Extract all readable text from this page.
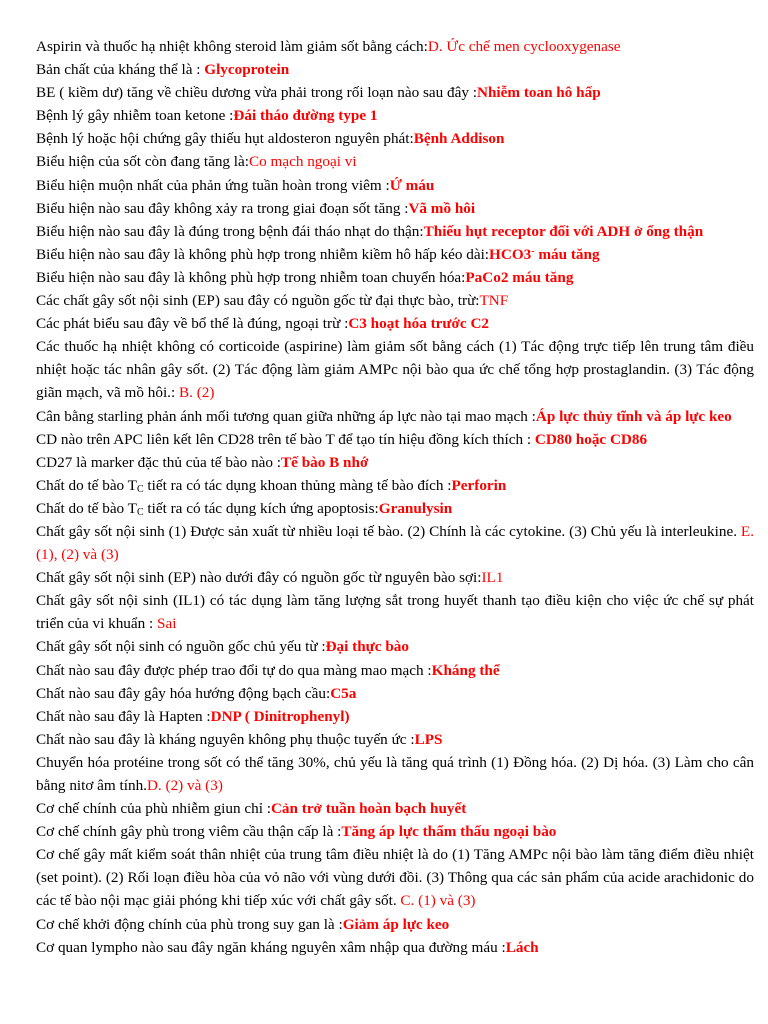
Aspirin và thuốc hạ nhiệt không steroid làm giảm sốt bằng cách:D. Ức chế men cyclooxygenase

Bản chất của kháng thể là : Glycoprotein

BE ( kiềm dư) tăng về chiều dương vừa phải trong rối loạn nào sau đây :Nhiễm toan hô hấp

Bệnh lý gây nhiễm toan ketone :Đái tháo đường type 1

Bệnh lý hoặc hội chứng gây thiếu hụt aldosteron nguyên phát:Bệnh Addison

Biểu hiện của sốt còn đang tăng là:Co mạch ngoại vi

Biểu hiện muộn nhất của phản ứng tuần hoàn trong viêm :Ứ máu

Biểu hiện nào sau đây không xảy ra trong giai đoạn sốt tăng :Vã mồ hôi

Biểu hiện nào sau đây là đúng trong bệnh đái tháo nhạt do thận:Thiếu hụt receptor đối với ADH ở ống thận

Biểu hiện nào sau đây là không phù hợp trong nhiễm kiềm hô hấp kéo dài:HCO3- máu tăng

Biểu hiện nào sau đây là không phù hợp trong nhiễm toan chuyển hóa:PaCo2 máu tăng

Các chất gây sốt nội sinh (EP) sau đây có nguồn gốc từ đại thực bào, trừ:TNF

Các phát biểu sau đây về bổ thể là đúng, ngoại trừ :C3 hoạt hóa trước C2

Các thuốc hạ nhiệt không có corticoide (aspirine) làm giảm sốt bằng cách (1) Tác động trực tiếp lên trung tâm điều nhiệt hoặc tác nhân gây sốt. (2) Tác động làm giảm AMPc nội bào qua ức chế tổng hợp prostaglandin. (3) Tác động giãn mạch, vã mồ hôi.: B. (2)

Cân bằng starling phản ánh mối tương quan giữa những áp lực nào tại mao mạch :Áp lực thủy tĩnh và áp lực keo

CD nào trên APC liên kết lên CD28 trên tế bào T để tạo tín hiệu đồng kích thích : CD80 hoặc CD86

CD27 là marker đặc thủ của tế bào nào :Tế bào B nhớ

Chất do tế bào $T_C$ tiết ra có tác dụng khoan thủng màng tế bào đích :Perforin

Chất do tế bào $T_C$ tiết ra có tác dụng kích ứng apoptosis:Granulysin

Chất gây sốt nội sinh (1) Được sản xuất từ nhiều loại tế bào. (2) Chính là các cytokine. (3) Chủ yếu là interleukine. E. (1), (2) và (3)

Chất gây sốt nội sinh (EP) nào dưới đây có nguồn gốc từ nguyên bào sợi:IL1

Chất gây sốt nội sinh (IL1) có tác dụng làm tăng lượng sắt trong huyết thanh tạo điều kiện cho việc ức chế sự phát triển của vi khuẩn : Sai

Chất gây sốt nội sinh có nguồn gốc chủ yếu từ :Đại thực bào

Chất nào sau đây được phép trao đổi tự do qua màng mao mạch :Kháng thể

Chất nào sau đây gây hóa hướng động bạch cầu:C5a

Chất nào sau đây là Hapten :DNP ( Dinitrophenyl)

Chất nào sau đây là kháng nguyên không phụ thuộc tuyến ức :LPS

Chuyển hóa protéine trong sốt có thể tăng 30%, chủ yếu là tăng quá trình (1) Đồng hóa. (2) Dị hóa. (3) Làm cho cân bằng nitơ âm tính.D. (2) và (3)

Cơ chế chính của phù nhiễm giun chỉ :Cản trở tuần hoàn bạch huyết

Cơ chế chính gây phù trong viêm cầu thận cấp là :Tăng áp lực thẩm thấu ngoại bào

Cơ chế gây mất kiểm soát thân nhiệt của trung tâm điều nhiệt là do (1) Tăng AMPc nội bào làm tăng điểm điều nhiệt (set point). (2) Rối loạn điều hòa của vỏ não với vùng dưới đồi. (3) Thông qua các sản phẩm của acide arachidonic do các tế bào nội mạc giải phóng khi tiếp xúc với chất gây sốt. C. (1) và (3)

Cơ chế khởi động chính của phù trong suy gan là :Giảm áp lực keo

Cơ quan lympho nào sau đây ngăn kháng nguyên xâm nhập qua đường máu :Lách
